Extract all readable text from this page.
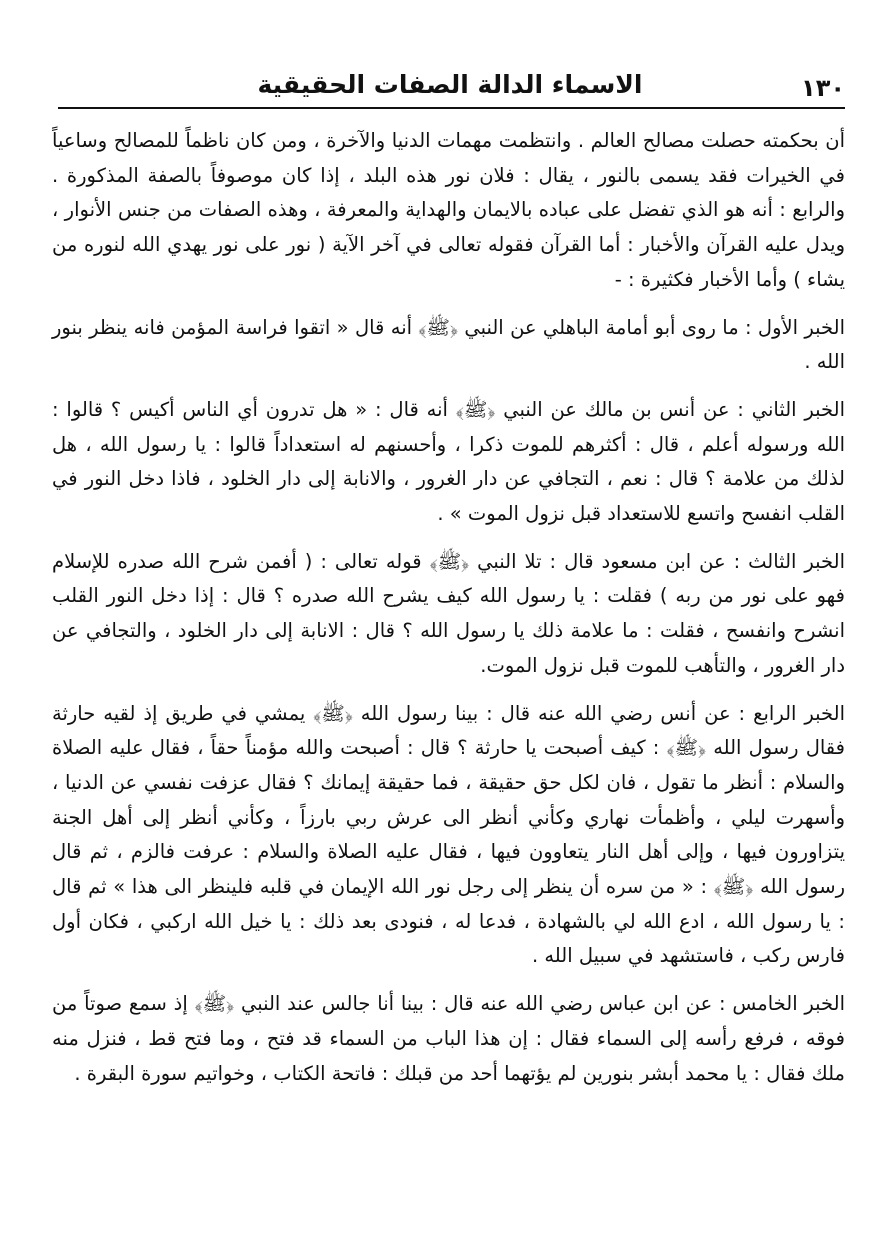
١٣٠
الاسماء الدالة الصفات الحقيقية

أن بحكمته حصلت مصالح العالم . وانتظمت مهمات الدنيا والآخرة ، ومن كان ناظماً للمصالح وساعياً في الخيرات فقد يسمى بالنور ، يقال : فلان نور هذه البلد ، إذا كان موصوفاً بالصفة المذكورة . والرابع : أنه هو الذي تفضل على عباده بالايمان والهداية والمعرفة ، وهذه الصفات من جنس الأنوار ، ويدل عليه القرآن والأخبار : أما القرآن فقوله تعالى في آخر الآية ( نور على نور يهدي الله لنوره من يشاء ) وأما الأخبار فكثيرة : -

الخبر الأول : ما روى أبو أمامة الباهلي عن النبي ﴿ﷺ﴾ أنه قال « اتقوا فراسة المؤمن فانه ينظر بنور الله .

الخبر الثاني : عن أنس بن مالك عن النبي ﴿ﷺ﴾ أنه قال : « هل تدرون أي الناس أكيس ؟ قالوا : الله ورسوله أعلم ، قال : أكثرهم للموت ذكرا ، وأحسنهم له استعداداً قالوا : يا رسول الله ، هل لذلك من علامة ؟ قال : نعم ، التجافي عن دار الغرور ، والانابة إلى دار الخلود ، فاذا دخل النور في القلب انفسح واتسع للاستعداد قبل نزول الموت » .

الخبر الثالث : عن ابن مسعود قال : تلا النبي ﴿ﷺ﴾ قوله تعالى : ( أفمن شرح الله صدره للإسلام فهو على نور من ربه ) فقلت : يا رسول الله كيف يشرح الله صدره ؟ قال : إذا دخل النور القلب انشرح وانفسح ، فقلت : ما علامة ذلك يا رسول الله ؟ قال : الانابة إلى دار الخلود ، والتجافي عن دار الغرور ، والتأهب للموت قبل نزول الموت.

الخبر الرابع : عن أنس رضي الله عنه قال : بينا رسول الله ﴿ﷺ﴾ يمشي في طريق إذ لقيه حارثة فقال رسول الله ﴿ﷺ﴾ : كيف أصبحت يا حارثة ؟ قال : أصبحت والله مؤمناً حقاً ، فقال عليه الصلاة والسلام : أنظر ما تقول ، فان لكل حق حقيقة ، فما حقيقة إيمانك ؟ فقال عزفت نفسي عن الدنيا ، وأسهرت ليلي ، وأظمأت نهاري وكأني أنظر الى عرش ربي بارزاً ، وكأني أنظر إلى أهل الجنة يتزاورون فيها ، وإلى أهل النار يتعاوون فيها ، فقال عليه الصلاة والسلام : عرفت فالزم ، ثم قال رسول الله ﴿ﷺ﴾ : « من سره أن ينظر إلى رجل نور الله الإيمان في قلبه فلينظر الى هذا » ثم قال : يا رسول الله ، ادع الله لي بالشهادة ، فدعا له ، فنودى بعد ذلك : يا خيل الله اركبي ، فكان أول فارس ركب ، فاستشهد في سبيل الله .

الخبر الخامس : عن ابن عباس رضي الله عنه قال : بينا أنا جالس عند النبي ﴿ﷺ﴾ إذ سمع صوتاً من فوقه ، فرفع رأسه إلى السماء فقال : إن هذا الباب من السماء قد فتح ، وما فتح قط ، فنزل منه ملك فقال : يا محمد أبشر بنورين لم يؤتهما أحد من قبلك : فاتحة الكتاب ، وخواتيم سورة البقرة .
